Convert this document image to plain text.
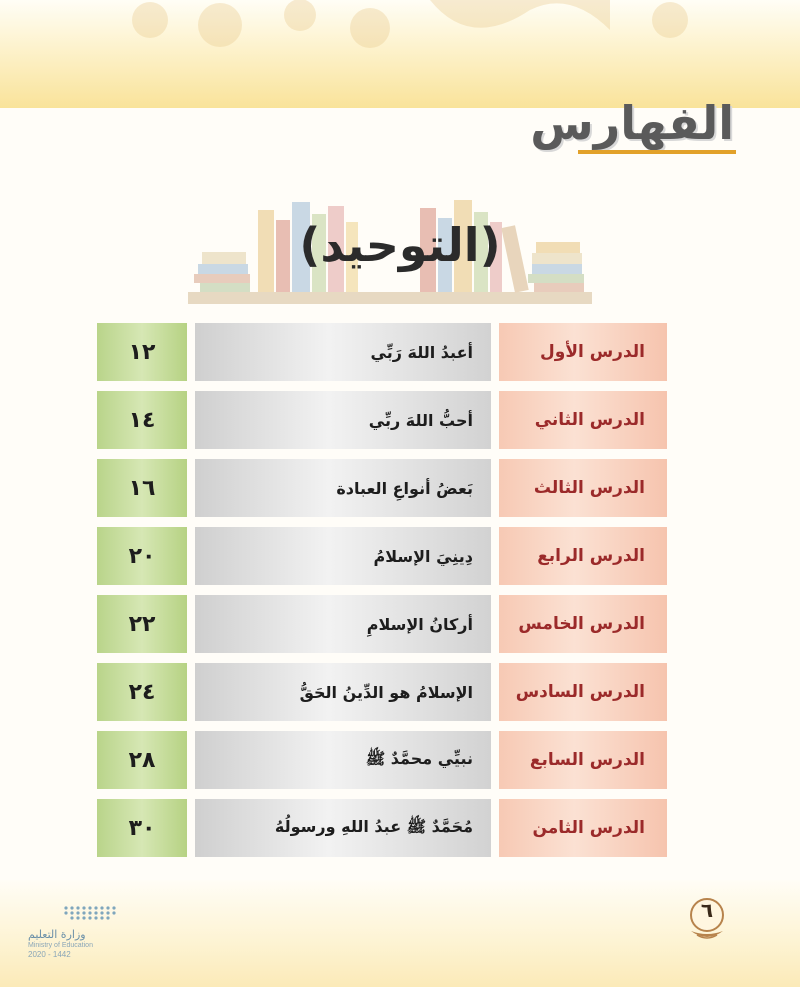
الفهارس
(التوحيد)
الدرس الأول
أعبدُ اللهَ رَبِّي
١٢
الدرس الثاني
أحبُّ اللهَ ربِّي
١٤
الدرس الثالث
بَعضُ أنواعِ العبادة
١٦
الدرس الرابع
دِينِيَ الإسلامُ
٢٠
الدرس الخامس
أركانُ الإسلامِ
٢٢
الدرس السادس
الإسلامُ هو الدِّينُ الحَقُّ
٢٤
الدرس السابع
نبيِّي محمَّدٌ ﷺ
٢٨
الدرس الثامن
مُحَمَّدٌ ﷺ عبدُ اللهِ ورسولُهُ
٣٠
وزارة التعليم
Ministry of Education
2020 - 1442
٦
